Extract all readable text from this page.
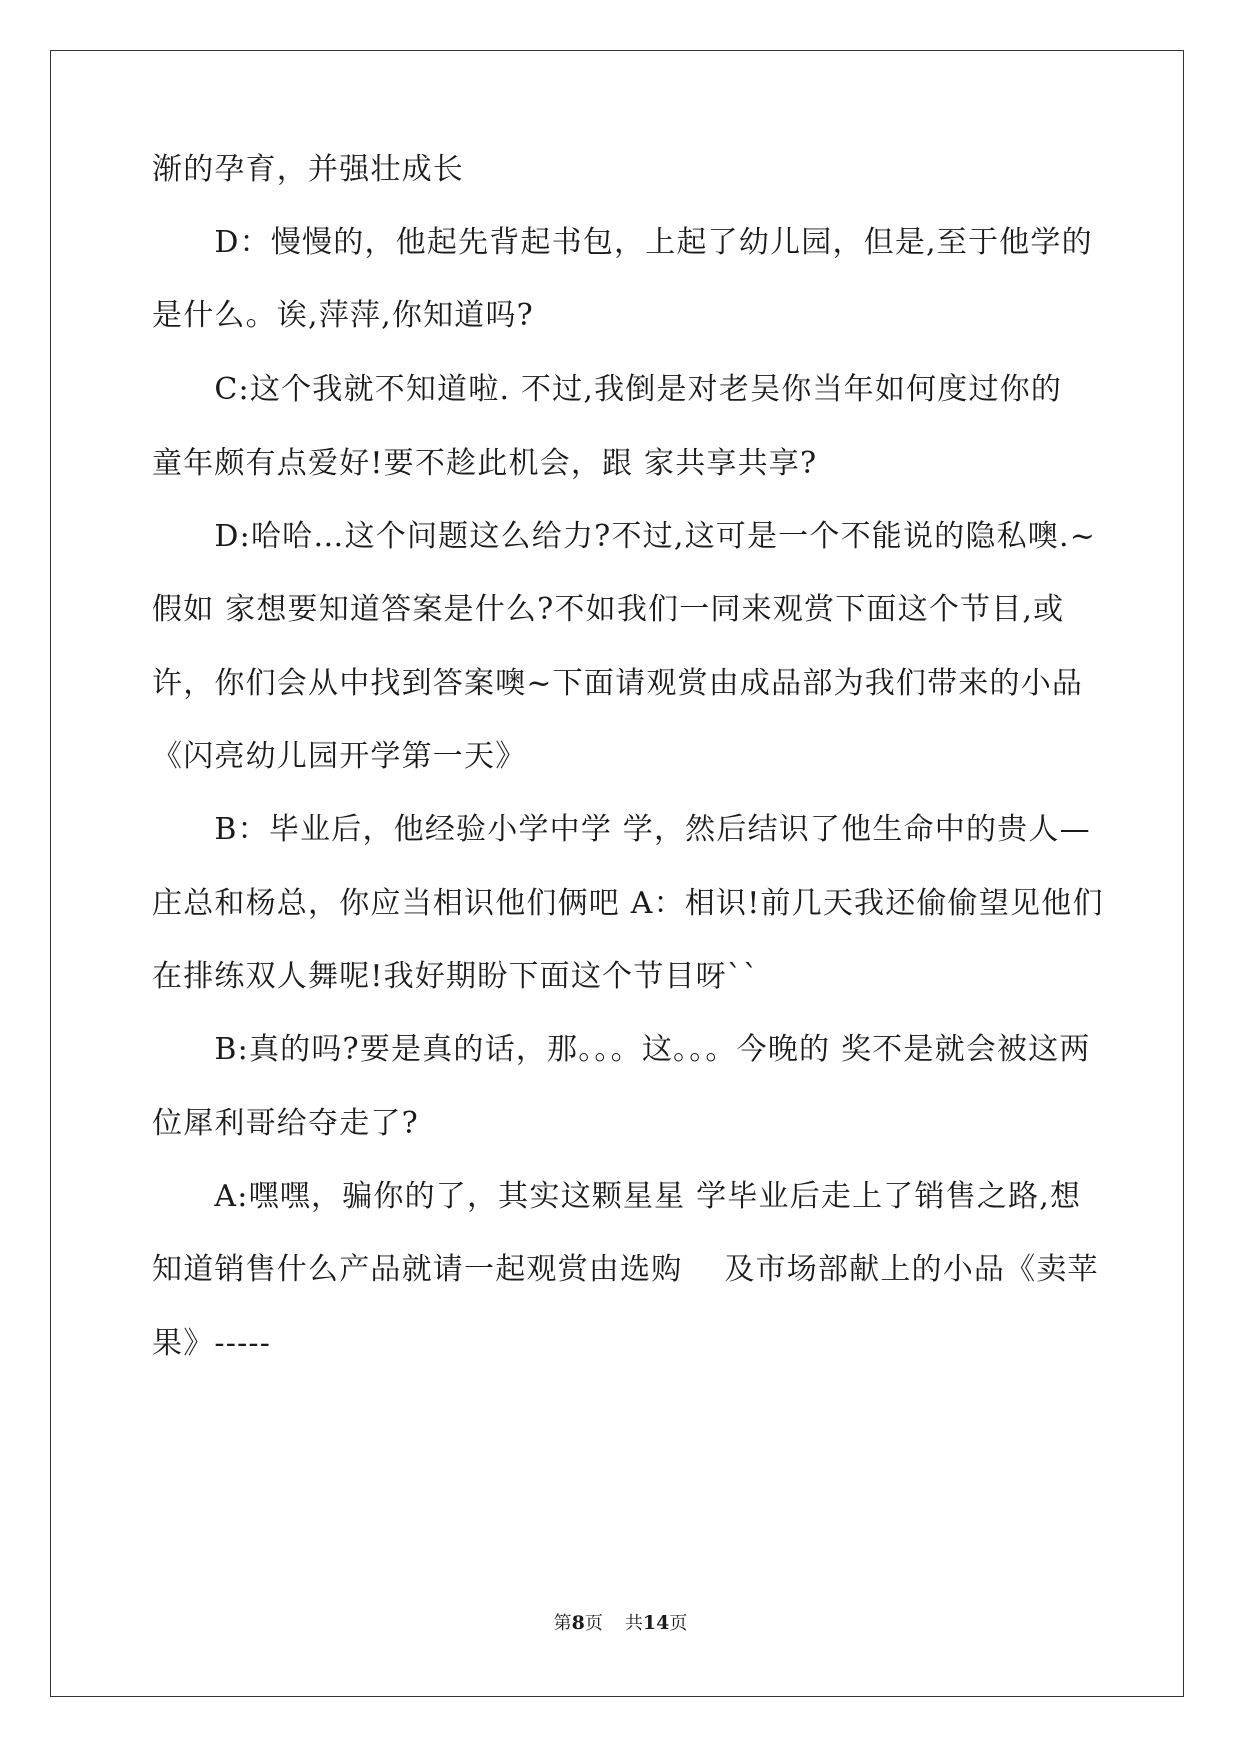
渐的孕育，并强壮成长
　　D：慢慢的，他起先背起书包，上起了幼儿园，但是,至于他学的
是什么。诶,萍萍,你知道吗?
　　C:这个我就不知道啦. 不过,我倒是对老吴你当年如何度过你的
童年颇有点爱好!要不趁此机会，跟 家共享共享?
　　D:哈哈…这个问题这么给力?不过,这可是一个不能说的隐私噢.~
假如 家想要知道答案是什么?不如我们一同来观赏下面这个节目,或
许，你们会从中找到答案噢~下面请观赏由成品部为我们带来的小品
《闪亮幼儿园开学第一天》
　　B：毕业后，他经验小学中学 学，然后结识了他生命中的贵人—
庄总和杨总，你应当相识他们俩吧 A：相识!前几天我还偷偷望见他们
在排练双人舞呢!我好期盼下面这个节目呀``
　　B:真的吗?要是真的话，那。。。这。。。今晚的 奖不是就会被这两
位犀利哥给夺走了?
　　A:嘿嘿，骗你的了，其实这颗星星 学毕业后走上了销售之路,想
知道销售什么产品就请一起观赏由选购　 及市场部献上的小品《卖苹
果》-----
第8页 共14页
